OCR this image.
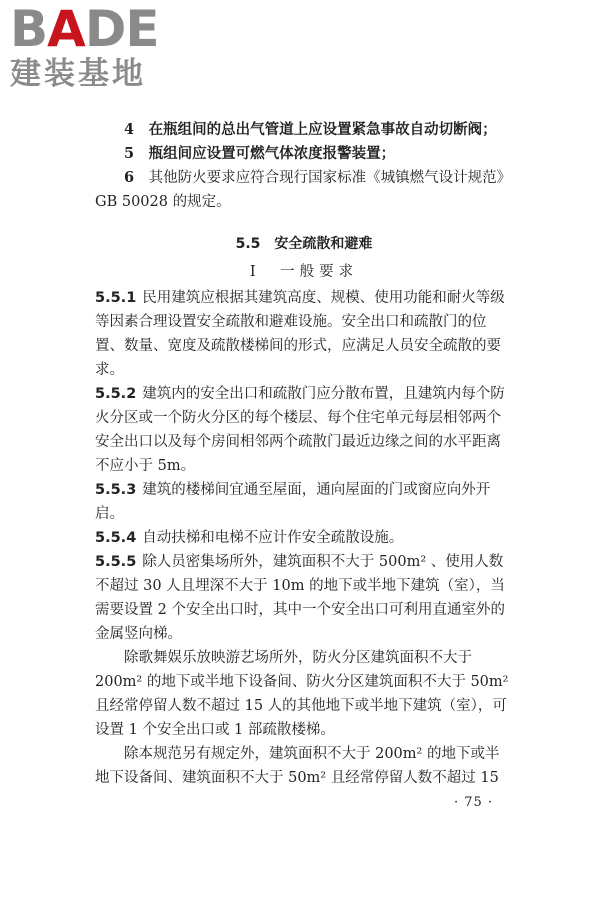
BADE
建装基地

4　 在瓶组间的总出气管道上应设置紧急事故自动切断阀；

5　 瓶组间应设置可燃气体浓度报警装置；

6　 其他防火要求应符合现行国家标准《城镇燃气设计规范》GB 50028 的规定。

5.5　安全疏散和避难
Ⅰ　一般要求

5.5.1 民用建筑应根据其建筑高度、规模、使用功能和耐火等级等因素合理设置安全疏散和避难设施。安全出口和疏散门的位置、数量、宽度及疏散楼梯间的形式，应满足人员安全疏散的要求。

5.5.2 建筑内的安全出口和疏散门应分散布置，且建筑内每个防火分区或一个防火分区的每个楼层、每个住宅单元每层相邻两个安全出口以及每个房间相邻两个疏散门最近边缘之间的水平距离不应小于 5m。

5.5.3 建筑的楼梯间宜通至屋面，通向屋面的门或窗应向外开启。

5.5.4 自动扶梯和电梯不应计作安全疏散设施。

5.5.5 除人员密集场所外，建筑面积不大于 500m² 、使用人数不超过 30 人且埋深不大于 10m 的地下或半地下建筑（室），当需要设置 2 个安全出口时，其中一个安全出口可利用直通室外的金属竖向梯。

除歌舞娱乐放映游艺场所外，防火分区建筑面积不大于 200m² 的地下或半地下设备间、防火分区建筑面积不大于 50m² 且经常停留人数不超过 15 人的其他地下或半地下建筑（室），可设置 1 个安全出口或 1 部疏散楼梯。

除本规范另有规定外，建筑面积不大于 200m² 的地下或半地下设备间、建筑面积不大于 50m² 且经常停留人数不超过 15

· 75 ·
